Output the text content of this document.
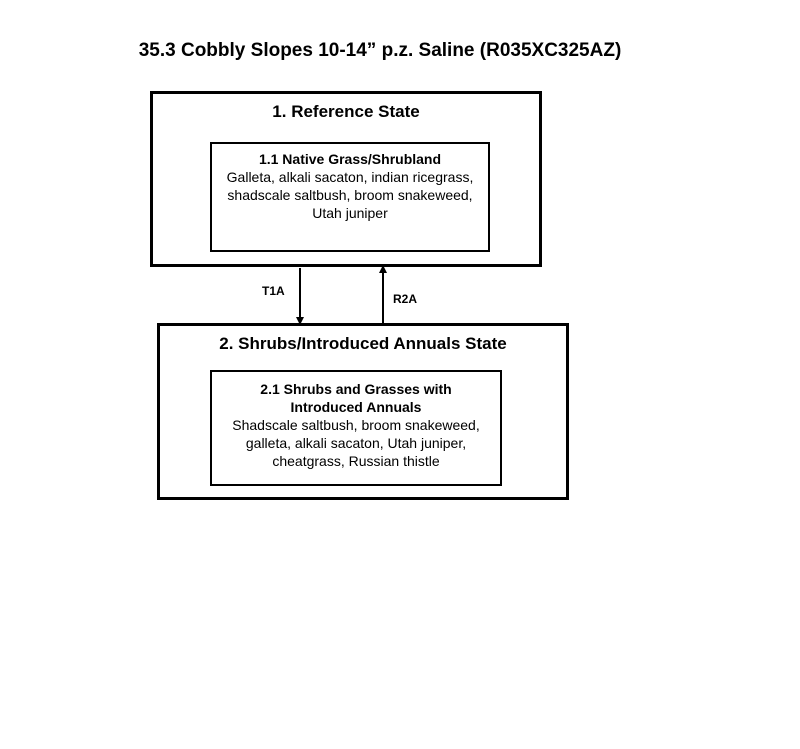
35.3 Cobbly Slopes 10-14” p.z. Saline (R035XC325AZ)
1. Reference State
1.1 Native Grass/Shrubland
Galleta, alkali sacaton, indian ricegrass,
shadscale saltbush, broom snakeweed,
Utah juniper
2. Shrubs/Introduced Annuals State
2.1 Shrubs and Grasses with Introduced Annuals
Shadscale saltbush, broom snakeweed,
galleta, alkali sacaton, Utah juniper,
cheatgrass, Russian thistle
T1A
R2A
